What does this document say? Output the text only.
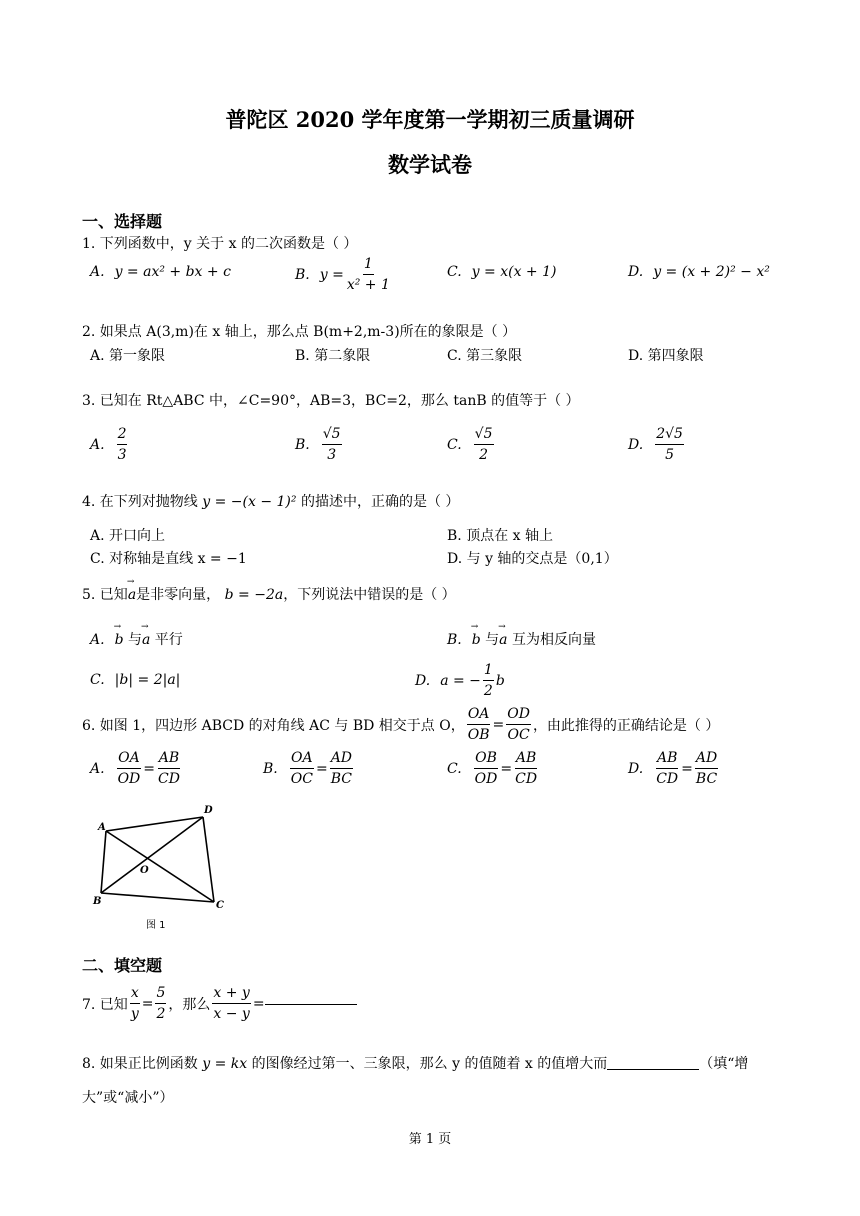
普陀区 2020 学年度第一学期初三质量调研
数学试卷
一、选择题
1. 下列函数中，y 关于 x 的二次函数是（ ）
A. y = ax² + bx + c	B. $y = \frac{1}{\text{x² + 1}}$	C. y = x(x + 1)	D. y = (x + 2)² − x²
2. 如果点 A(3,m)在 x 轴上，那么点 B(m+2,m-3)所在的象限是（ ）
A. 第一象限	B. 第二象限	C. 第三象限	D. 第四象限
3. 已知在 Rt△ABC 中，∠C=90°，AB=3，BC=2，那么 tanB 的值等于（ ）
A. $\frac{2}{3}$	B. $\frac{√5}{3}$	C. $\frac{√5}{2}$	D. $\frac{2√5}{5}$
4. 在下列对抛物线 y = −(x − 1)² 的描述中，正确的是（ ）
A. 开口向上	B. 顶点在 x 轴上
C. 对称轴是直线 x = −1	D. 与 y 轴的交点是（0,1）
5. 已知→ a是非零向量， b = −2a，下列说法中错误的是（ ）
A. → b 与→ a 平行	B. → b 与→ a 互为相反向量
C. |b| = 2|a|	D. a = − $\frac{1}{2}$ b
6. 如图 1，四边形 ABCD 的对角线 AC 与 BD 相交于点 O， $\frac{OA}{OB} = \frac{OD}{OC}$ ，由此推得的正确结论是（ ）
A. $\frac{OA}{OD} = \frac{AB}{CD}$	B. $\frac{OA}{OC} = \frac{AD}{BC}$	C. $\frac{OB}{OD} = \frac{AB}{CD}$	D. $\frac{AB}{CD} = \frac{AD}{BC}$
A
D
B	C
O
图 1
二、填空题
7. 已知 $\frac{x}{y} = \frac{5}{2}$ ，那么 $\frac{x + y}{x - y}$ =
8. 如果正比例函数 y = kx 的图像经过第一、三象限，那么 y 的值随着 x 的值增大而	（填“增
大”或“减小”）
第 1 页
